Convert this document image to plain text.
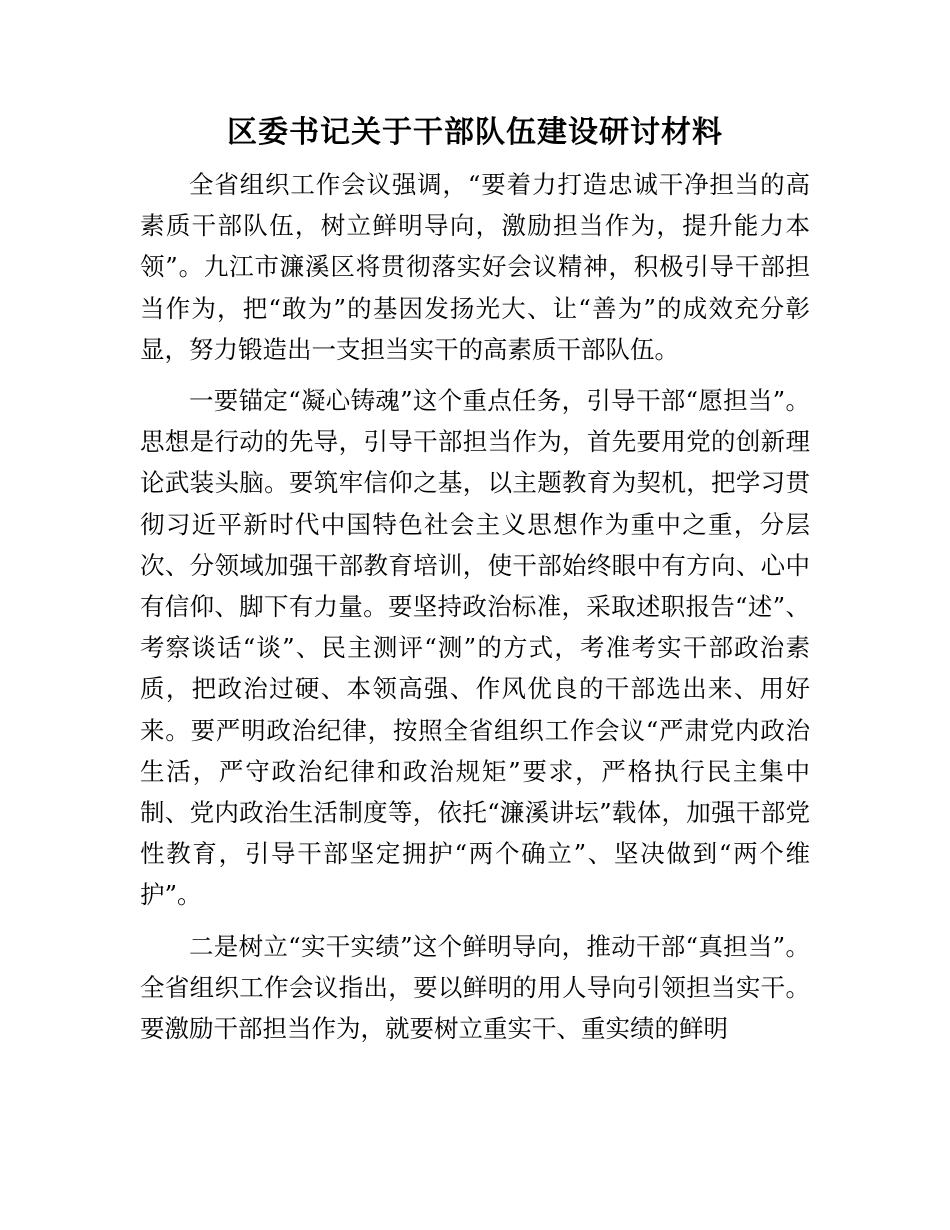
区委书记关于干部队伍建设研讨材料

全省组织工作会议强调，“要着力打造忠诚干净担当的高素质干部队伍，树立鲜明导向，激励担当作为，提升能力本领”。九江市濂溪区将贯彻落实好会议精神，积极引导干部担当作为，把“敢为”的基因发扬光大、让“善为”的成效充分彰显，努力锻造出一支担当实干的高素质干部队伍。

一要锚定“凝心铸魂”这个重点任务，引导干部“愿担当”。思想是行动的先导，引导干部担当作为，首先要用党的创新理论武装头脑。要筑牢信仰之基，以主题教育为契机，把学习贯彻习近平新时代中国特色社会主义思想作为重中之重，分层次、分领域加强干部教育培训，使干部始终眼中有方向、心中有信仰、脚下有力量。要坚持政治标准，采取述职报告“述”、考察谈话“谈”、民主测评“测”的方式，考准考实干部政治素质，把政治过硬、本领高强、作风优良的干部选出来、用好来。要严明政治纪律，按照全省组织工作会议“严肃党内政治生活，严守政治纪律和政治规矩”要求，严格执行民主集中制、党内政治生活制度等，依托“濂溪讲坛”载体，加强干部党性教育，引导干部坚定拥护“两个确立”、坚决做到“两个维护”。

二是树立“实干实绩”这个鲜明导向，推动干部“真担当”。全省组织工作会议指出，要以鲜明的用人导向引领担当实干。要激励干部担当作为，就要树立重实干、重实绩的鲜明
